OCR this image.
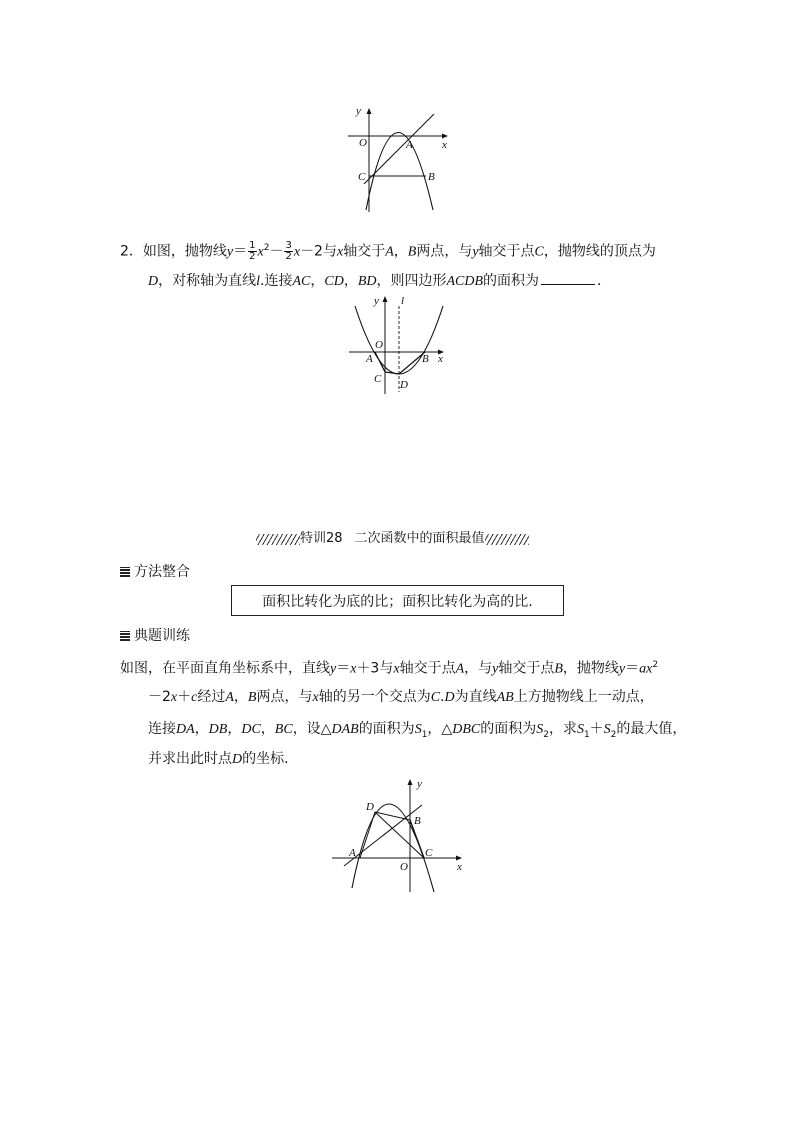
y
x
O	A
B
C
2．如图，抛物线$y= \frac{1}{2} x^2- \frac{3}{2} x-2$与x轴交于A，B两点，与y轴交于点C，抛物线的顶点为
D，对称轴为直线l.连接AC，CD，BD，则四边形ACDB的面积为	．
y l
O
A	B x
C D
特训28 二次函数中的面积最值
方法整合
面积比转化为底的比；面积比转化为高的比.
典题训练
如图，在平面直角坐标系中，直线y＝x＋3与x轴交于点A，与y轴交于点B，抛物线$y=ax^2$
－2x＋c经过A，B两点，与x轴的另一个交点为C.D为直线AB上方抛物线上一动点，
连接DA，DB，DC，BC，设△DAB的面积为$S_1$，△DBC的面积为$S_2$，求$S_1+S_2$的最大值，
并求出此时点D的坐标．
y
D
B
A	C
O	x
